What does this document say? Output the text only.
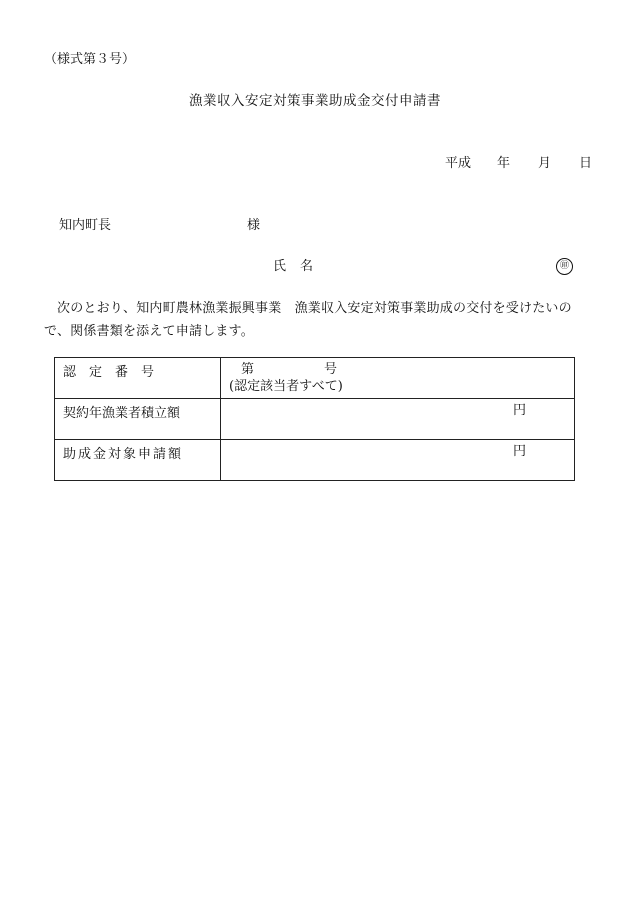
（様式第３号）
漁業収入安定対策事業助成金交付申請書
平成 年 月 日
知内町長	様
氏名	㊞
次のとおり、知内町農林漁業振興事業　漁業収入安定対策事業助成の交付を受けたいので、関係書類を添えて申請します。
認　定　番　号	第 号
(認定該当者すべて)

契約年漁業者積立額	円

助成金対象申請額	円
